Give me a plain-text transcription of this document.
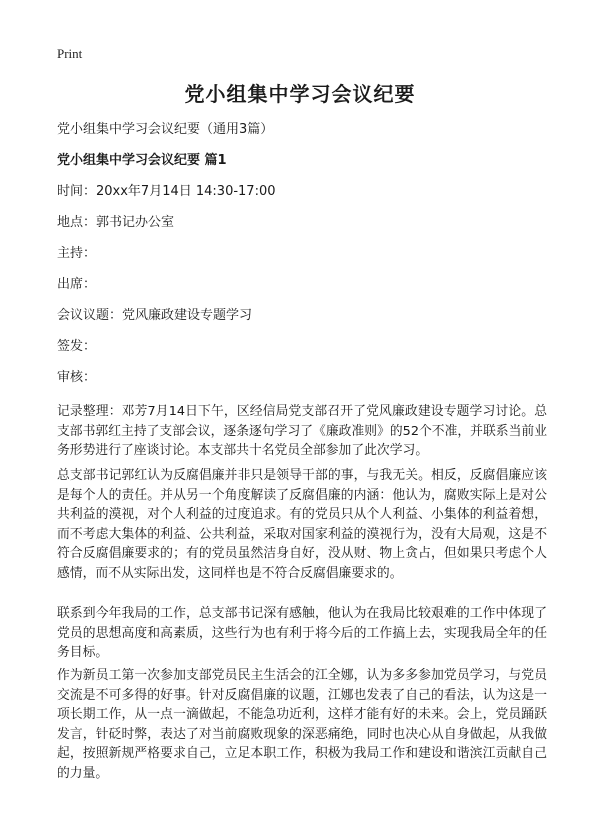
Print
党小组集中学习会议纪要
党小组集中学习会议纪要（通用3篇）
党小组集中学习会议纪要 篇1
时间：20xx年7月14日 14:30-17:00
地点：郭书记办公室
主持：
出席：
会议议题：党风廉政建设专题学习
签发：
审核：
记录整理：邓芳7月14日下午，区经信局党支部召开了党风廉政建设专题学习讨论。总支部书郭红主持了支部会议，逐条逐句学习了《廉政准则》的52个不准，并联系当前业务形势进行了座谈讨论。本支部共十名党员全部参加了此次学习。
总支部书记郭红认为反腐倡廉并非只是领导干部的事，与我无关。相反，反腐倡廉应该是每个人的责任。并从另一个角度解读了反腐倡廉的内涵：他认为，腐败实际上是对公共利益的漠视，对个人利益的过度追求。有的党员只从个人利益、小集体的利益着想，而不考虑大集体的利益、公共利益，采取对国家利益的漠视行为，没有大局观，这是不符合反腐倡廉要求的；有的党员虽然洁身自好，没从财、物上贪占，但如果只考虑个人感情，而不从实际出发，这同样也是不符合反腐倡廉要求的。
联系到今年我局的工作，总支部书记深有感触，他认为在我局比较艰难的工作中体现了党员的思想高度和高素质，这些行为也有利于将今后的工作搞上去，实现我局全年的任务目标。
作为新员工第一次参加支部党员民主生活会的江全娜，认为多多参加党员学习，与党员交流是不可多得的好事。针对反腐倡廉的议题，江娜也发表了自己的看法，认为这是一项长期工作，从一点一滴做起，不能急功近利，这样才能有好的未来。会上，党员踊跃发言，针砭时弊，表达了对当前腐败现象的深恶痛绝，同时也决心从自身做起，从我做起，按照新规严格要求自己，立足本职工作，积极为我局工作和建设和谐滨江贡献自己的力量。
